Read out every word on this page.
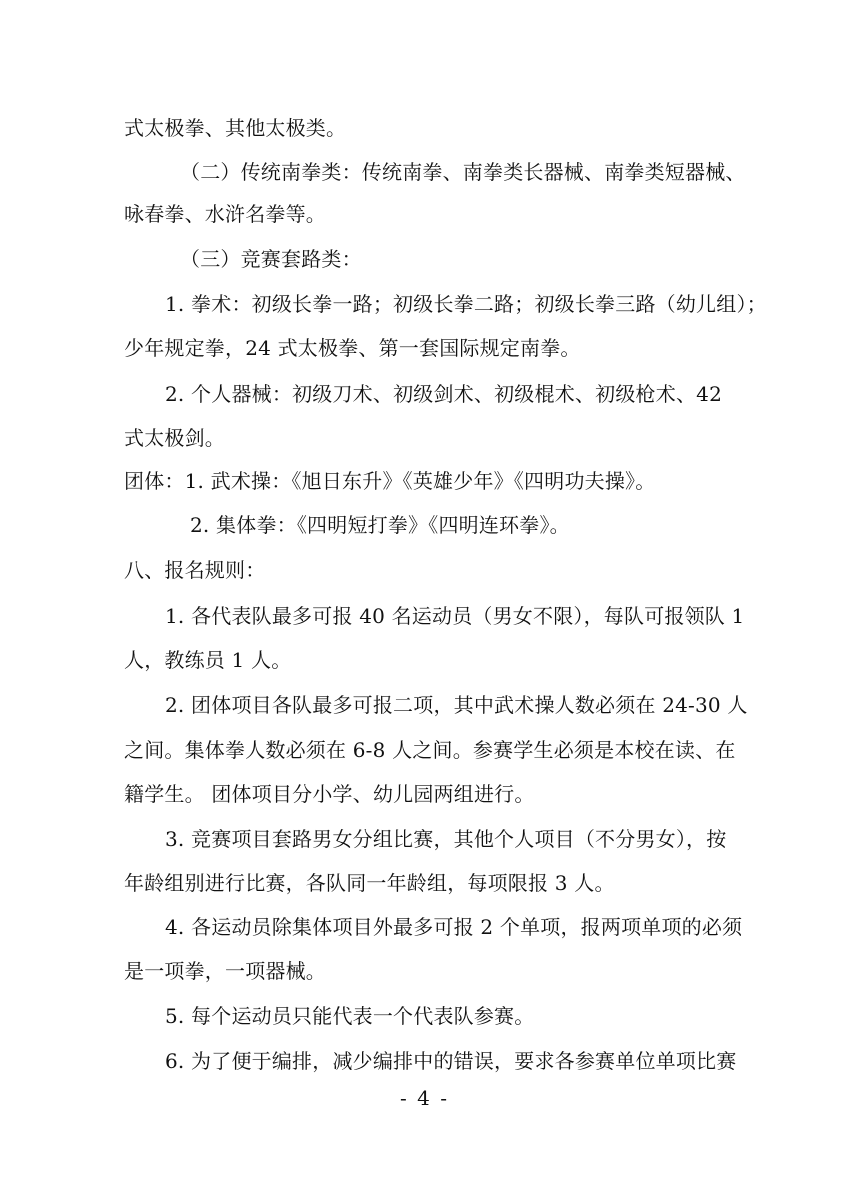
式太极拳、其他太极类。
（二）传统南拳类：传统南拳、南拳类长器械、南拳类短器械、
咏春拳、水浒名拳等。
（三）竞赛套路类：
1. 拳术：初级长拳一路；初级长拳二路；初级长拳三路（幼儿组）；
少年规定拳，24 式太极拳、第一套国际规定南拳。
2. 个人器械：初级刀术、初级剑术、初级棍术、初级枪术、42
式太极剑。
团体：1. 武术操：《旭日东升》《英雄少年》《四明功夫操》。
2. 集体拳：《四明短打拳》《四明连环拳》。
八、报名规则：
1. 各代表队最多可报 40 名运动员（男女不限），每队可报领队 1
人，教练员 1 人。
2. 团体项目各队最多可报二项，其中武术操人数必须在 24-30 人
之间。集体拳人数必须在 6-8 人之间。参赛学生必须是本校在读、在
籍学生。 团体项目分小学、幼儿园两组进行。
3. 竞赛项目套路男女分组比赛，其他个人项目（不分男女），按
年龄组别进行比赛，各队同一年龄组，每项限报 3 人。
4. 各运动员除集体项目外最多可报 2 个单项，报两项单项的必须
是一项拳，一项器械。
5. 每个运动员只能代表一个代表队参赛。
6. 为了便于编排，减少编排中的错误，要求各参赛单位单项比赛
- 4 -
